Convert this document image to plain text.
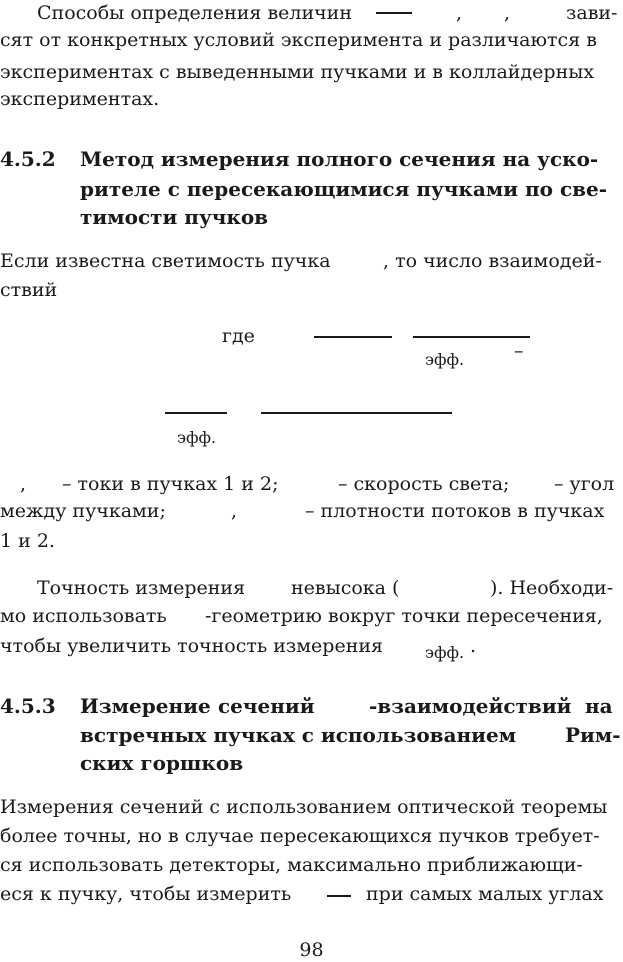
Способы определения величин	, ,	зави-
сят от конкретных условий эксперимента и различаются в
экспериментах с выведенными пучками и в коллайдерных
экспериментах.
4.5.2 Метод измерения полного сечения на уско-
рителе с пересекающимися пучками по све-
тимости пучков
Если известна светимость пучка	, то число взаимодей-
ствий
где
эфф.	–
эфф.
, – токи в пучках 1 и 2;	– скорость света; – угол
между пучками;	,	– плотности потоков в пучках
1 и 2.
Точность измерения невысока (	). Необходи-
мо использовать -геометрию вокруг точки пересечения,
чтобы увеличить точность измерения	эфф. .
4.5.3 Измерение сечений	-взаимодействий на
встречных пучках с использованием Рим-
ских горшков
Измерения сечений с использованием оптической теоремы
более точны, но в случае пересекающихся пучков требует-
ся использовать детекторы, максимально приближающи-
еся к пучку, чтобы измерить	при самых малых углах
98
